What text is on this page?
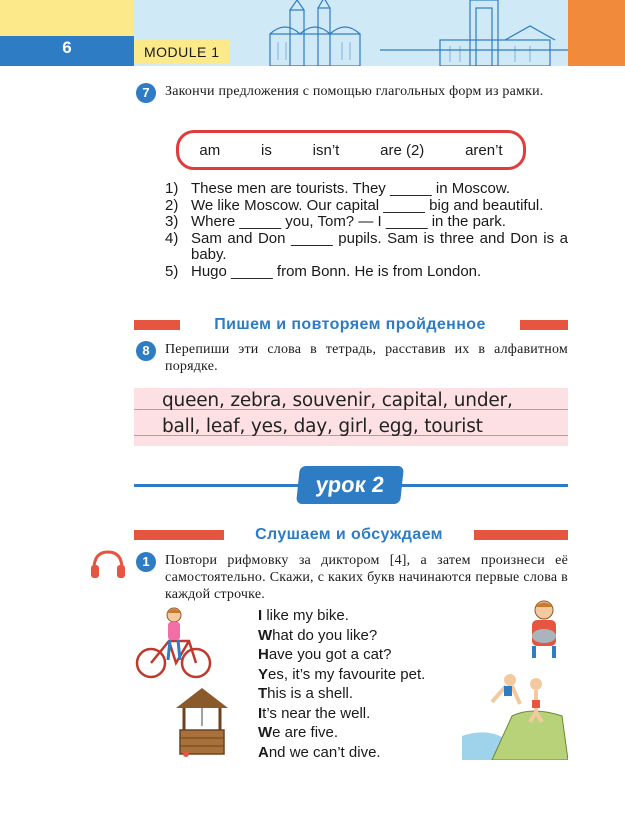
6	MODULE 1
7	Закончи предложения с помощью глагольных форм из рамки.
am	is	isn’t	are (2)	aren’t
1) These men are tourists. They _____ in Moscow.
2) We like Moscow. Our capital _____ big and beautiful.
3) Where _____ you, Tom? — I _____ in the park.
4) Sam and Don _____ pupils. Sam is three and Don is a baby.
5) Hugo _____ from Bonn. He is from London.
Пишем и повторяем пройденное
8	Перепиши эти слова в тетрадь, расставив их в алфавитном порядке.
queen, zebra, souvenir, capital, under,
ball, leaf, yes, day, girl, egg, tourist
урок 2
Слушаем и обсуждаем
1	Повтори рифмовку за диктором [4], а затем произнеси её самостоятельно. Скажи, с каких букв начинаются первые слова в каждой строчке.
I like my bike.
What do you like?
Have you got a cat?
Yes, it’s my favourite pet.
This is a shell.
It’s near the well.
We are five.
And we can’t dive.
